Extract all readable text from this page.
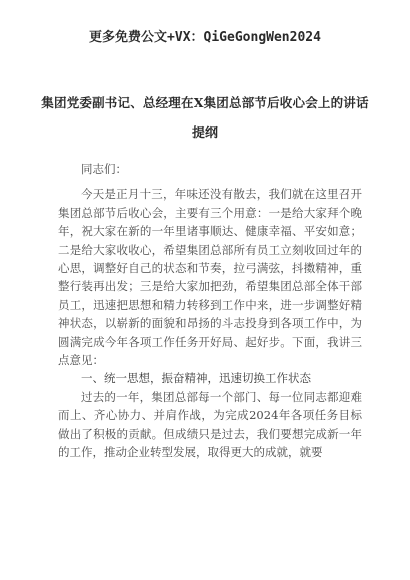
更多免费公文+VX：QiGeGongWen2024
集团党委副书记、总经理在X集团总部节后收心会上的讲话
提纲

同志们：

今天是正月十三，年味还没有散去，我们就在这里召开集团总部节后收心会，主要有三个用意：一是给大家拜个晚年，祝大家在新的一年里诸事顺达、健康幸福、平安如意；二是给大家收收心，希望集团总部所有员工立刻收回过年的心思，调整好自己的状态和节奏，拉弓满弦，抖擞精神，重整行装再出发；三是给大家加把劲，希望集团总部全体干部员工，迅速把思想和精力转移到工作中来，进一步调整好精神状态，以崭新的面貌和昂扬的斗志投身到各项工作中，为圆满完成今年各项工作任务开好局、起好步。下面，我讲三点意见：

一、统一思想，振奋精神，迅速切换工作状态

过去的一年，集团总部每一个部门、每一位同志都迎难而上、齐心协力、并肩作战，为完成2024年各项任务目标做出了积极的贡献。但成绩只是过去，我们要想完成新一年的工作，推动企业转型发展，取得更大的成就，就要
